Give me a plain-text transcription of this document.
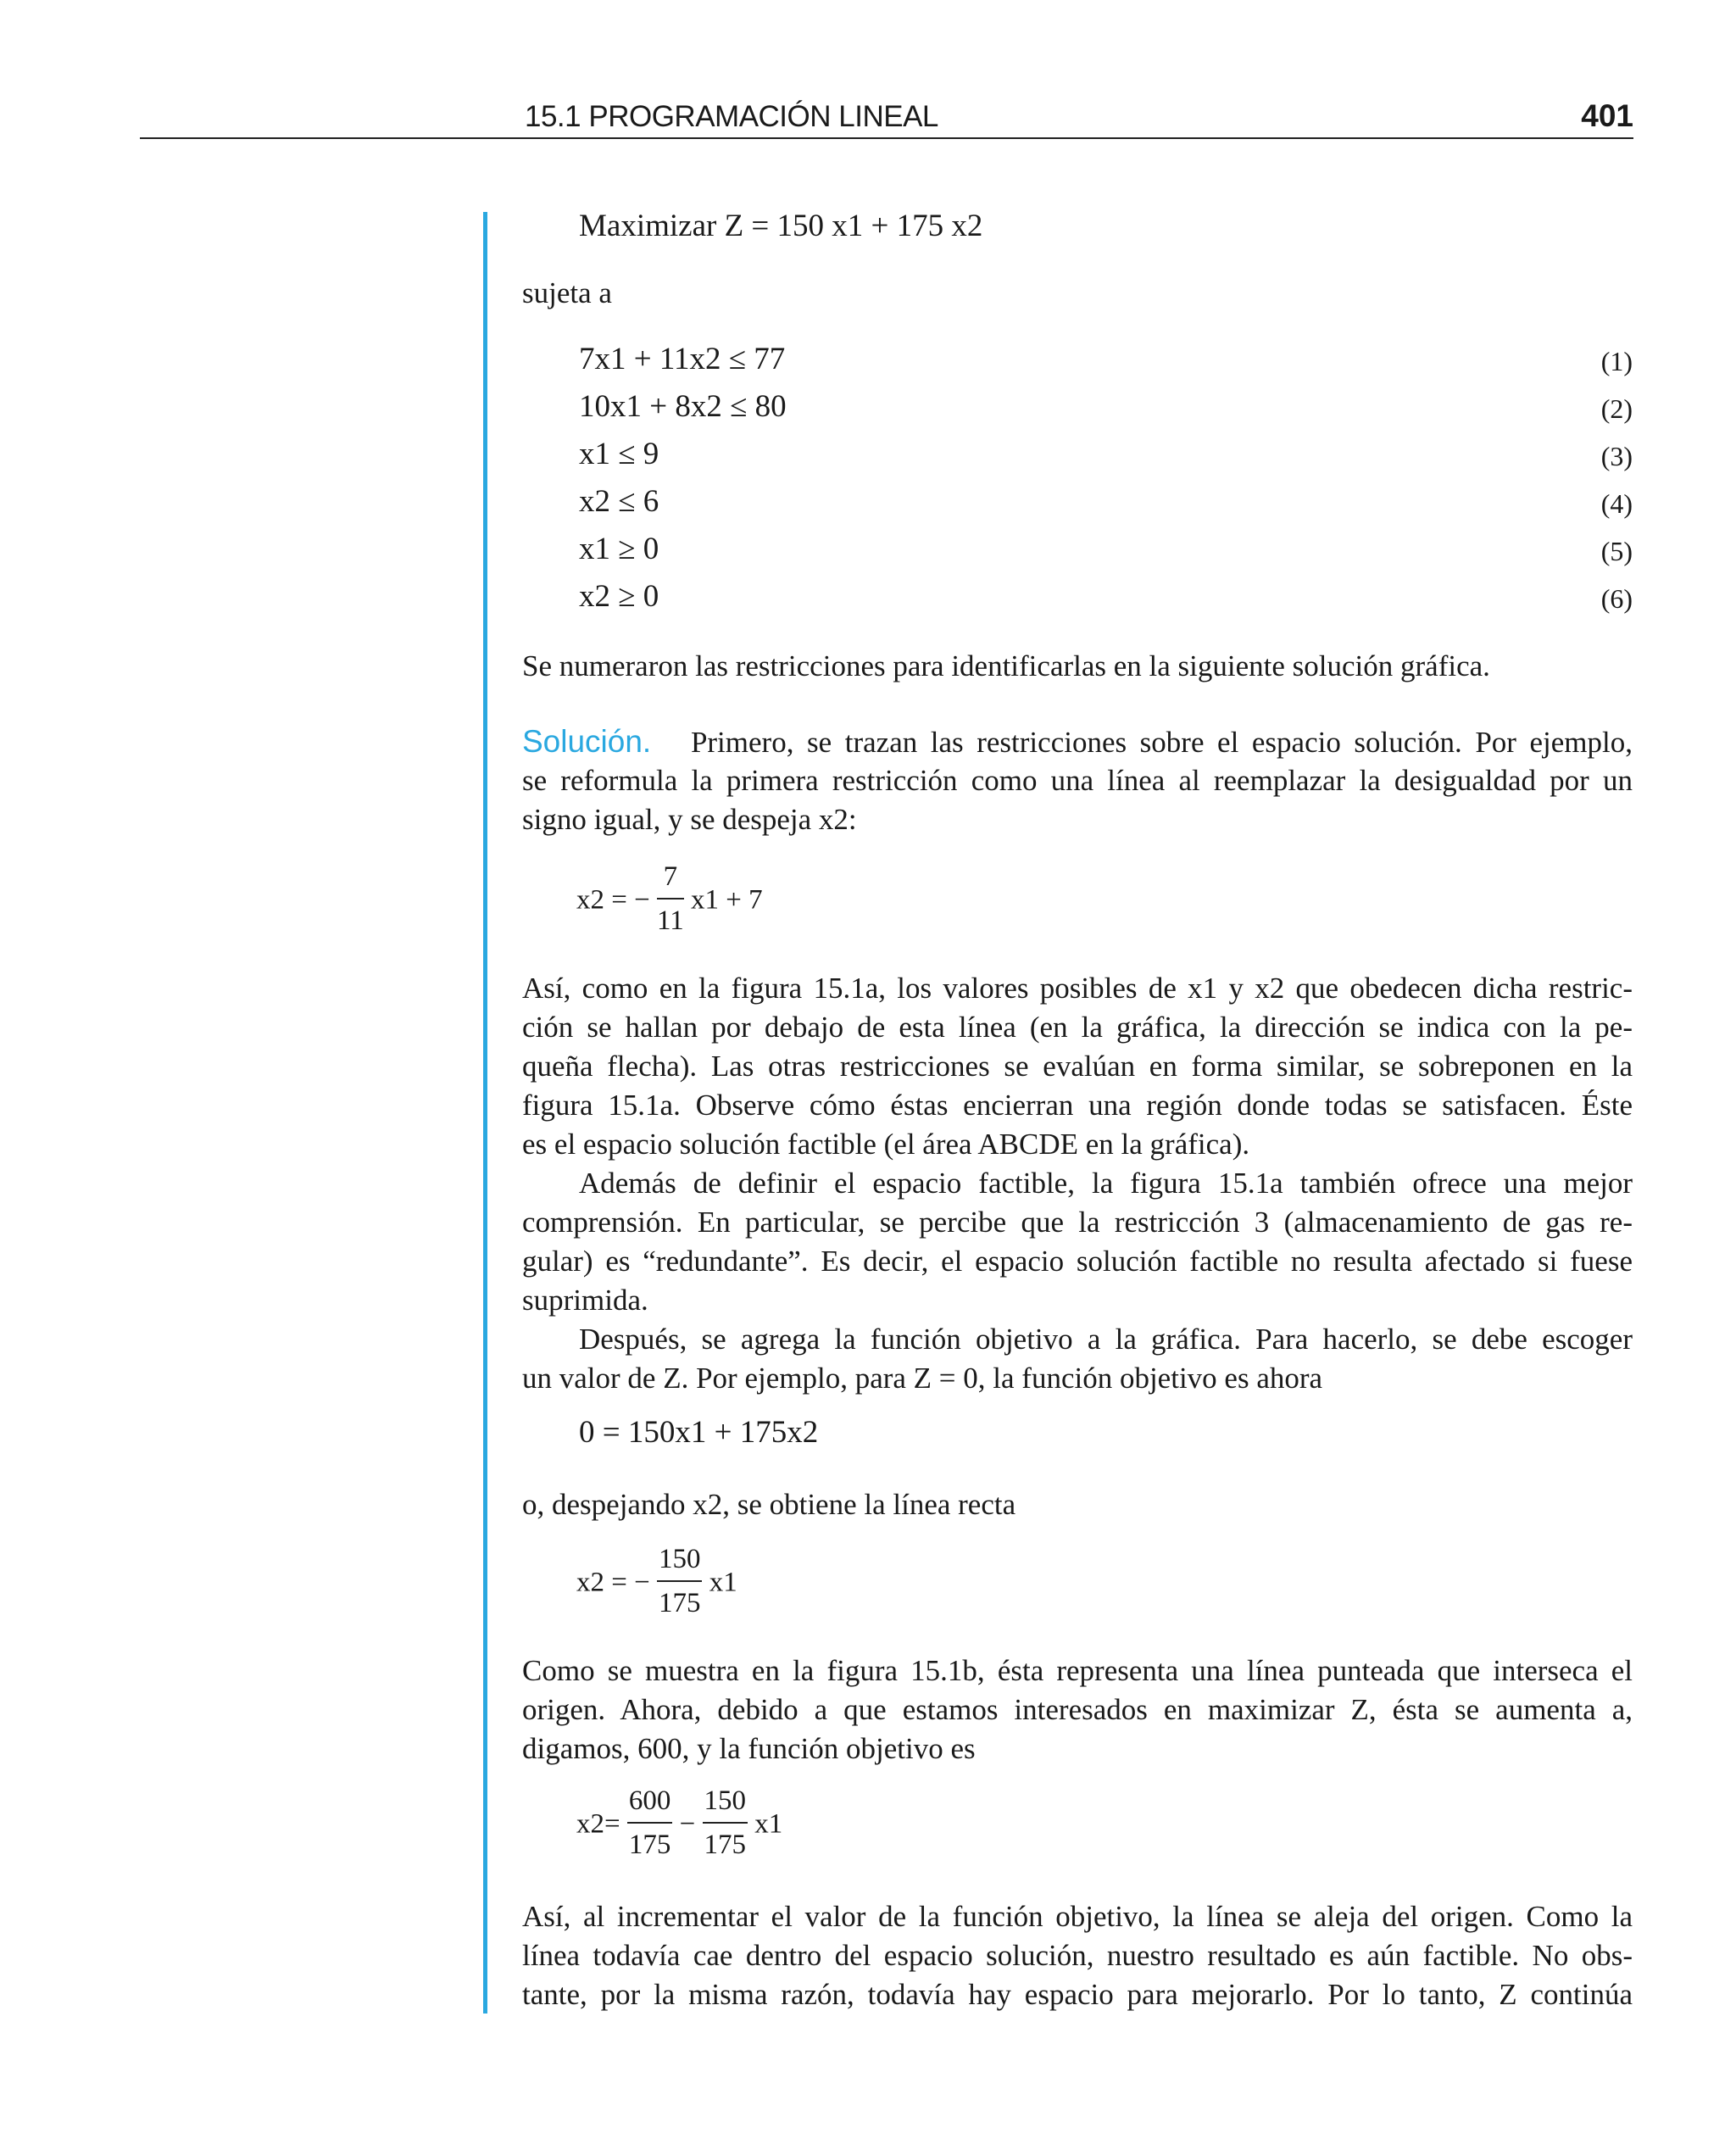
15.1 PROGRAMACIÓN LINEAL	401
Maximizar Z = 150 x1 + 175 x2
sujeta a
7x1 + 11x2 ≤ 77	(1)
10x1 + 8x2 ≤ 80	(2)
x1 ≤ 9	(3)
x2 ≤ 6	(4)
x1 ≥ 0	(5)
x2 ≥ 0	(6)
Se numeraron las restricciones para identificarlas en la siguiente solución gráfica.
Solución. Primero, se trazan las restricciones sobre el espacio solución. Por ejemplo,
se reformula la primera restricción como una línea al reemplazar la desigualdad por un
signo igual, y se despeja x2:
x2 = − $\frac{7}{11} x1 + 7$
Así, como en la figura 15.1a, los valores posibles de x1 y x2 que obedecen dicha restric-
ción se hallan por debajo de esta línea (en la gráfica, la dirección se indica con la pe-
queña flecha). Las otras restricciones se evalúan en forma similar, se sobreponen en la
figura 15.1a. Observe cómo éstas encierran una región donde todas se satisfacen. Éste
es el espacio solución factible (el área ABCDE en la gráfica).
Además de definir el espacio factible, la figura 15.1a también ofrece una mejor
comprensión. En particular, se percibe que la restricción 3 (almacenamiento de gas re-
gular) es “redundante”. Es decir, el espacio solución factible no resulta afectado si fuese
suprimida.
Después, se agrega la función objetivo a la gráfica. Para hacerlo, se debe escoger
un valor de Z. Por ejemplo, para Z = 0, la función objetivo es ahora
0 = 150x1 + 175x2
o, despejando x2, se obtiene la línea recta
x2 = − $\frac{150}{175} x1$
Como se muestra en la figura 15.1b, ésta representa una línea punteada que interseca el
origen. Ahora, debido a que estamos interesados en maximizar Z, ésta se aumenta a,
digamos, 600, y la función objetivo es
$x2= \frac{600}{175} - \frac{150}{175} x1$
Así, al incrementar el valor de la función objetivo, la línea se aleja del origen. Como la
línea todavía cae dentro del espacio solución, nuestro resultado es aún factible. No obs-
tante, por la misma razón, todavía hay espacio para mejorarlo. Por lo tanto, Z continúa
